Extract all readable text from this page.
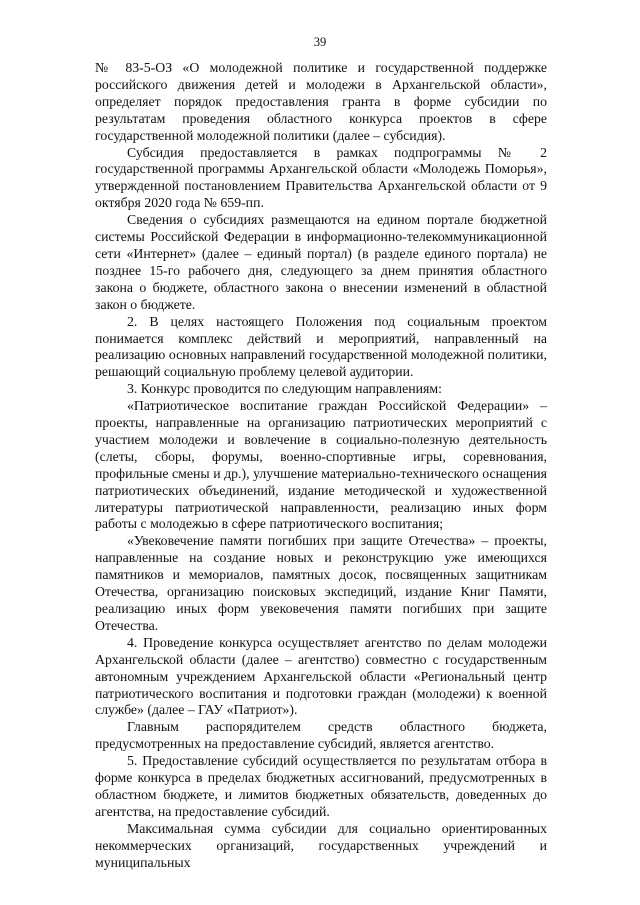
39

№ 83-5-ОЗ «О молодежной политике и государственной поддержке российского движения детей и молодежи в Архангельской области», определяет порядок предоставления гранта в форме субсидии по результатам проведения областного конкурса проектов в сфере государственной молодежной политики (далее – субсидия).

Субсидия предоставляется в рамках подпрограммы № 2 государственной программы Архангельской области «Молодежь Поморья», утвержденной постановлением Правительства Архангельской области от 9 октября 2020 года № 659-пп.

Сведения о субсидиях размещаются на едином портале бюджетной системы Российской Федерации в информационно-телекоммуникационной сети «Интернет» (далее – единый портал) (в разделе единого портала) не позднее 15-го рабочего дня, следующего за днем принятия областного закона о бюджете, областного закона о внесении изменений в областной закон о бюджете.

2. В целях настоящего Положения под социальным проектом понимается комплекс действий и мероприятий, направленный на реализацию основных направлений государственной молодежной политики, решающий социальную проблему целевой аудитории.

3. Конкурс проводится по следующим направлениям:

«Патриотическое воспитание граждан Российской Федерации» – проекты, направленные на организацию патриотических мероприятий с участием молодежи и вовлечение в социально-полезную деятельность (слеты, сборы, форумы, военно-спортивные игры, соревнования, профильные смены и др.), улучшение материально-технического оснащения патриотических объединений, издание методической и художественной литературы патриотической направленности, реализацию иных форм работы с молодежью в сфере патриотического воспитания;

«Увековечение памяти погибших при защите Отечества» – проекты, направленные на создание новых и реконструкцию уже имеющихся памятников и мемориалов, памятных досок, посвященных защитникам Отечества, организацию поисковых экспедиций, издание Книг Памяти, реализацию иных форм увековечения памяти погибших при защите Отечества.

4. Проведение конкурса осуществляет агентство по делам молодежи Архангельской области (далее – агентство) совместно с государственным автономным учреждением Архангельской области «Региональный центр патриотического воспитания и подготовки граждан (молодежи) к военной службе» (далее – ГАУ «Патриот»).

Главным распорядителем средств областного бюджета, предусмотренных на предоставление субсидий, является агентство.

5. Предоставление субсидий осуществляется по результатам отбора в форме конкурса в пределах бюджетных ассигнований, предусмотренных в областном бюджете, и лимитов бюджетных обязательств, доведенных до агентства, на предоставление субсидий.

Максимальная сумма субсидии для социально ориентированных некоммерческих организаций, государственных учреждений и муниципальных
